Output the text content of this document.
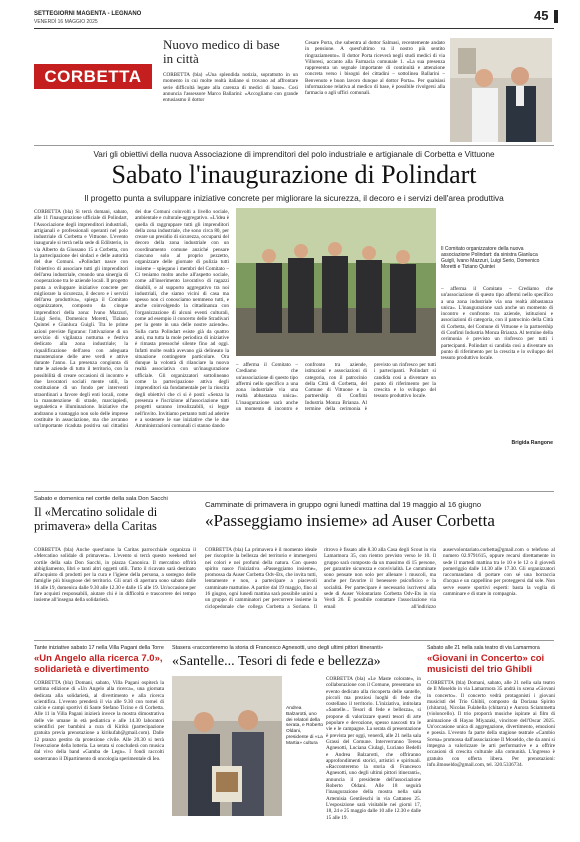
SETTEGIORNI MAGENTA - LEGNANO
VENERDÌ 16 MAGGIO 2025	45
CORBETTA
Nuovo medico di base in città
CORBETTA (bla) «Una splendida notizia, soprattutto in un momento in cui molte realtà italiane si trovano ad affrontare serie difficoltà legate alla carenza di medici di base». Così annuncia l'assessore Marco Ballarini: «Accogliamo con grande entusiasmo il dottor
Cesare Porta, che subentra al dottor Salmasi, recentemente andato in pensione. A quest'ultimo va il nostro più sentito ringraziamento». Il dottor Porta riceverà negli studi medici di via Villoresi, accanto alla Farmacia comunale 1. «La sua presenza rappresenta un segnale importante di continuità e attenzione concreta verso i bisogni dei cittadini – sottolinea Ballarini – Benvenuto e buon lavoro dunque al dottor Porta». Per qualsiasi informazione relativa al medico di base, è possibile rivolgersi alla farmacia o agli uffici comunali.
Vari gli obiettivi della nuova Associazione di imprenditori del polo industriale e artigianale di Corbetta e Vittuone
Sabato l'inaugurazione di Polindart
Il progetto punta a sviluppare iniziative concrete per migliorare la sicurezza, il decoro e i servizi dell'area produttiva
CORBETTA (bla) Si terrà domani, sabato, alle 11 l'inaugurazione ufficiale di Polindart, l'Associazione degli imprenditori industriali, artigianali e professionali operanti nel polo industriale di Corbetta e Vittuone. L'evento inaugurale si terrà nella sede di Edilsterio, in via Alberto da Giussano 15 a Corbetta, con la partecipazione dei sindaci e delle autorità del due Comuni. «Polindart nasce con l'obiettivo di associare tutti gli imprenditori dell'area industriale, creando una sinergia di cooperazione tra le aziende locali. Il progetto punta a sviluppare iniziative concrete per migliorare la sicurezza, il decoro e i servizi dell'area produttiva», spiega il Comitato organizzatore, composto da cinque imprenditori della zona: Ivano Mazzuri, Luigi Serio, Domenico Moretti, Tiziano Quintei e Gianluca Guigli. Tra le prime azioni previste figurano: l'attivazione di un servizio di vigilanza notturna e festiva dedicato alla zona industriale; la riqualificazione dell'area con adeguata manutenzione delle aree verdi e attive durante l'anno. La presenza congiunta di tutte le aziende di tutto il territorio, con la possibilità di creare occasioni di incontro e due lavoratori sociali mente utili, la costituzione di un fondo per interventi straordinari a favore degli enti locali, come la manutenzione di strade, marciapiedi, segnaletica e illuminazione. Iniziative che andranno a vantaggio non solo delle imprese costituite in associazione, ma che avranno un'importante ricaduta positiva sui cittadini dei due Comuni coinvolti a livello sociale, ambientale e culturale-aggregativo. «L'idea è quella di raggruppare tutti gli imprenditori della zona industriale, che sono circa 80, per creare un presidio di sicurezza, occuparsi del decoro della zona industriale con un coordinamento comune anziché pensare ciascuno solo al proprio pezzetto, organizzare delle giornate di pulizia tutti insieme – spiegano i membri del Comitato – Ci teniamo molto anche all'aspetto sociale, come all'inserimento lavorativo di ragazzi disabili, e al supporto aggregativo tra noi industriali, che siamo vicini di casa ma spesso non ci conosciamo nemmeno tutti, e anche coinvolgendo la cittadinanza con l'organizzazione di alcuni eventi culturali, come ad esempio il concerto delle Stradivari per la gente in una delle nostre aziende». Sulla carta Polindart esiste già da quattro anni, ma tutta la mole periodica di iniziative è rimasta pressoché silente fino ad oggi. Infatti molte realtà avevano già delineato la situazione contingente particolare. Ora dunque la volontà di rilanciare la nuova realtà associativa con un'inaugurazione ufficiale. Gli organizzatori sottolineano come la partecipazione attiva degli imprenditori sia fondamentale per la riuscita degli obiettivi che ci si è posti: «Senza la presenza e l'iscrizione all'associazione tutti progetti saranno irrealizzabili, si legge nell'invito. Invitiamo pertanto tutti ad aderire e a sostenere le sue iniziative che le due Amministrazioni comunali ci stanno dando
Il Comitato organizzatore della nuova associazione Polindart: da sinistra Gianluca Guigli, Ivano Mazzuri, Luigi Serio, Domenico Moretti e Tiziano Quintei
– afferma il Comitato – Crediamo che un'associazione di questo tipo affermi nello specifico a una zona industriale via una realtà abbastanza unica». L'inaugurazione sarà anche un momento di incontro e confronto tra aziende, istituzioni e associazioni di categoria, con il patrocinio della Città di Corbetta, del Comune di Vittuone e la partnership di Confimi Industria Monza Brianza. Al termine della cerimonia è previsto un rinfresco per tutti i partecipanti. Polindart si candida così a diventare un punto di riferimento per la crescita e lo sviluppo del tessuto produttivo locale.
Brigida Rangone
– afferma il Comitato – Crediamo che un'associazione di questo tipo affermi nello specifico a una zona industriale via una realtà abbastanza unica». L'inaugurazione sarà anche un momento di incontro e confronto tra aziende, istituzioni e associazioni di categoria, con il patrocinio della Città di Corbetta, del Comune di Vittuone e la partnership di Confimi Industria Monza Brianza. Al termine della cerimonia è previsto un rinfresco per tutti i partecipanti. Polindart si candida così a diventare un punto di riferimento per la crescita e lo sviluppo del tessuto produttivo locale.
Sabato e domenica nel cortile della sala Don Sacchi
Il «Mercatino solidale di primavera» della Caritas
CORBETTA (bla) Anche quest'anno la Caritas parrocchiale organizza il «Mercatino solidale di primavera». L'evento si terrà questo weekend nel cortile della sala Don Sacchi, in piazza Canonica. Il mercatino offrirà abbigliamento, libri e tanti altri oggetti utili. Tutto il ricavato sarà destinato all'acquisto di prodotti per la cura e l'igiene della persona, a sostegno delle famiglie più bisognose del territorio. Gli orari di apertura sono sabato dalle 16 alle 19, domenica dalle 9.30 alle 12.30 e dalle 15 alle 19. Un'occasione per fare acquisti responsabili, aiutare chi è in difficoltà e trascorrere dei tempo insieme all'insegna della solidarietà.
Camminate di primavera in gruppo ogni lunedì mattina dal 19 maggio al 16 giugno
«Passeggiamo insieme» ad Auser Corbetta
CORBETTA (bla) La primavera è il momento ideale per riscoprire la bellezza del territorio e immergersi nei colori e nei profumi della natura. Con questo spirito nasce l'iniziativa «Passeggiamo insieme», promossa da Auser Corbetta Odv-Ets, che invita tutti, lentamente e non, a partecipare a piacevoli camminate mattutine. A partire dal 19 maggio, fino al 16 giugno, ogni lunedì mattina sarà possibile unirsi a un gruppo di camminatori per percorrere insieme la ciclopedonale che collega Corbetta a Soriano. Il ritrovo è fissato alle 8.30 alla Casa degli Scout in via Lamarmora 35, con rientro previsto verso le 10. Il gruppo sarà composto da un massimo di 15 persone, per garantire sicurezza e convivialità. Le camminate sono pensate non solo per allenare i muscoli, ma anche per favorire il benessere psicofisico e la socialità. Per partecipare è necessario iscriversi alla sede di Auser Volontariato Corbetta Odv-Ets in via Verdi 26. È possibile contattare l'associazione via email all'indirizzo auservolontariato.corbetta@gmail.com o telefono al numero 02.9791615, oppure recarsi direttamente in sede il martedì mattina tra le 10 e le 12 o il giovedì pomeriggio dalle 14.30 alle 17.30. Gli organizzatori raccomandano di portare con sé una borraccia d'acqua e un cappellino per proteggersi dal sole. Non serve essere sportivi esperti: basta la voglia di camminare e di stare in compagnia.
Tante iniziative sabato 17 nella Villa Pagani della Torre
«Un Angelo alla ricerca 7.0», solidarietà e divertimento
CORBETTA (bla) Domani, sabato, Villa Pagani ospiterà la settima edizione di «Un Angelo alla ricerca», una giornata dedicata alla solidarietà, al divertimento e alla ricerca scientifica. L'evento prenderà il via alle 9.30 con tornei di calcio e campi sportivi di Sante Stefano Ticino e di Corbetta. Alle 11 in Villa Pagani inizierà invece la mostra dimostrativa delle vie umane in età pediatrica e alle 14.30 laboratori scientifici per bambini a cura di Kirikù (partecipazione gratuita previa prenotazione a kirikufab@gmail.com). Dalle 12 pranzo gestito da protezione civile. Alle 20.30 si terrà l'esecuzione della lotteria. La serata si concluderà con musica dal vivo della band «Gamba de Legn». I fondi raccolti sosterranno il Dipartimento di oncologia sperimentale di Ieo.
Stasera «racconteremo la storia di Francesco Agnesotti, uno degli ultimi pittori itineranti»
«Santelle... Tesori di fede e bellezza»
Andrea Balzarotti, uno dei relatori della serata, e Roberto Oldani, presidente di «La Martia» cultura
CORBETTA (bla) «Le Maste colorate», in collaborazione con il Comune, presentano un evento dedicato alla riscoperta delle santelle, piccoli ma preziosi luoghi di fede che costellano il territorio. L'iniziativa, intitolata «Santelle... Tesori di fede e bellezza», si propone di valorizzare questi tesori di arte popolare e devozione, spesso nascosti tra le vie e le campagne. La serata di presentazione è prevista per oggi, venerdì, alle 21 nella sala Grassi del Comune. Interverranno Teresa Agnesotti, Luciana Ciulagi, Luciano Bedelli e Andrea Balzarotti, che offriranno approfondimenti storici, artistici e spirituali. «Racconteremo la storia di Francesco Agnesotti, uno degli ultimi pittori itineranti», annuncia il presidente dell'associazione Roberto Oldani. Alle 18 seguirà l'inaugurazione della mostra nella sala Artemisia Gentileschi in via Cattaneo 25. L'esposizione sarà visitabile nei giorni 17, 18, 24 e 25 maggio dalle 10 alle 12.30 e dalle 15 alle 19.
Sabato alle 21 nella sala teatro di via Lamarmora
«Giovani in Concerto» coi musicisti del trio Ghibli
CORBETTA (bla) Domani, sabato, alle 21 nella sala teatro de Il Moseldo in via Lamarmora 35 andrà in scena «Giovani in concerto». Il concerto vedrà protagonisti i giovani musicisti del Trio Ghibli, composto da Doriana Spirito (chitarra), Nicolas Fulabella (chitarra) e Aurora Sciammetta (violoncello). Il trio proporrà musiche ispirate ai film di animazione di Hayao Miyazaki, vincitore dell'Oscar 2025. Un'occasione unica di aggregazione, divertimento, emozioni e poesia. L'evento fa parte della stagione teatrale «Cambio Scena» promossa dall'associazione Il Moseldo, che da anni si impegna a valorizzare le arti performative e a offrire occasioni di crescita culturale alla comunità. L'ingresso è gratuito con offerta libera. Per prenotazioni: info.ilmoseldo@gmail.com, tel. 320.5336734.
